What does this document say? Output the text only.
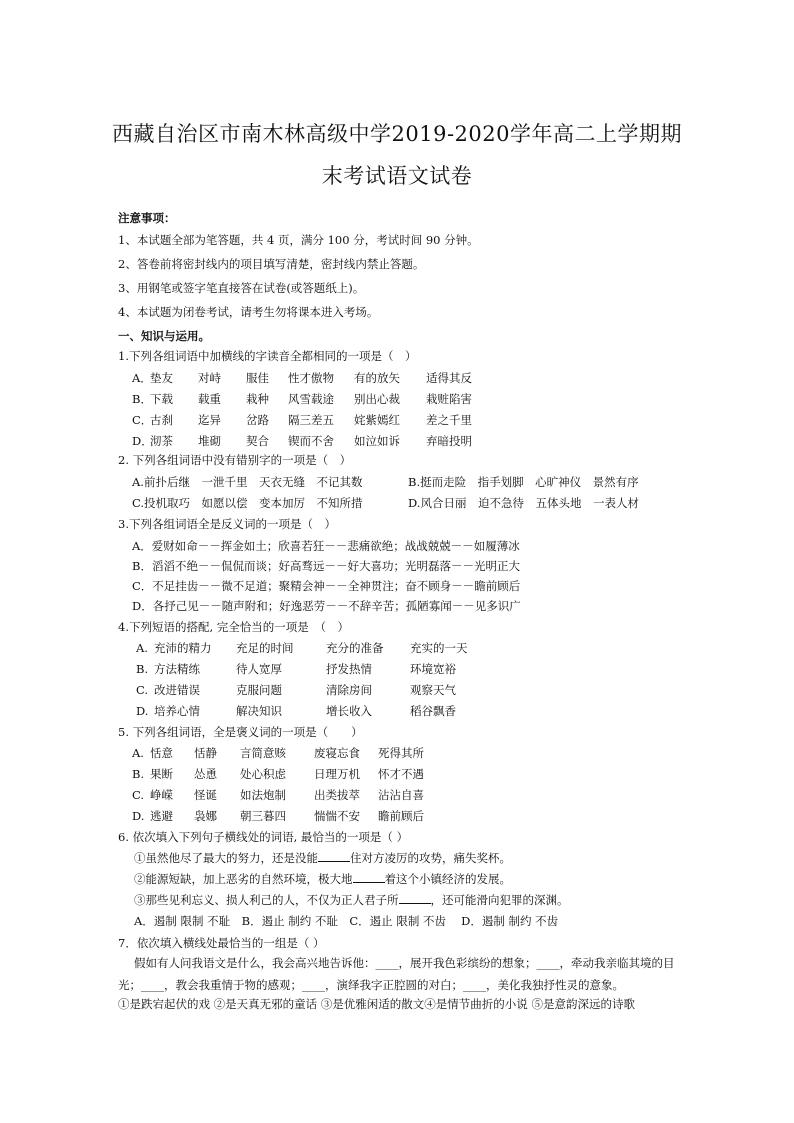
西藏自治区市南木林高级中学2019-2020学年高二上学期期
末考试语文试卷
注意事项：
1、本试题全部为笔答题，共 4 页，满分 100 分，考试时间 90 分钟。
2、答卷前将密封线内的项目填写清楚，密封线内禁止答题。
3、用钢笔或签字笔直接答在试卷(或答题纸上)。
4、本试题为闭卷考试，请考生勿将课本进入考场。
一、知识与运用。
1.下列各组词语中加横线的字读音全都相同的一项是（　）
A．
垫友 对峙 服佳 性才傲物 有的放矢 适得其反
B．
下载 载重 栽种 风雪载途 别出心裁 栽赃陷害
C．
古刹 迄异 岔路 隔三差五 姹紫嫣红 差之千里
D．
沏茶 堆砌 契合 锲而不舍 如泣如诉 弃暗投明
2. 下列各组词语中没有错别字的一项是（　）
A.前扑后继　一泄千里　天衣无缝　不记其数	B.挺而走险　指手划脚　心旷神仪　景然有序
C.投机取巧　如愿以偿　变本加厉　不知所措	D.风合日丽　迫不急待　五体头地　一表人材
3.下列各组词语全是反义词的一项是（　）
A．爱财如命－－挥金如土；欣喜若狂－－悲痛欲绝；战战兢兢－－如履薄冰
B．滔滔不绝－－侃侃而谈；好高骛远－－好大喜功；光明磊落－－光明正大
C．不足挂齿－－微不足道；聚精会神－－全神贯注；奋不顾身－－瞻前顾后
D．各抒己见－－随声附和；好逸恶劳－－不辞辛苦；孤陋寡闻－－见多识广
4.下列短语的搭配, 完全恰当的一项是　（　）
A. 充沛的精力 充足的时间	充分的准备 充实的一天
B. 方法精练	待人宽厚	抒发热情	环境宽裕
C. 改进错误	克服问题	清除房间	观察天气
D. 培养心情	解决知识	增长收入	稻谷飘香
5. 下列各组词语，全是褒义词的一项是（　　）
A. 恬意 恬静 言简意赅 废寝忘食 死得其所
B. 果断 怂恿 处心积虑 日理万机 怀才不遇
C. 峥嵘 怪诞 如法炮制 出类拔萃 沾沾自喜
D. 逃避 袅娜 朝三暮四 惴惴不安 瞻前顾后
6. 依次填入下列句子横线处的词语, 最恰当的一项是（ ）
①虽然他尽了最大的努力，还是没能	住对方凌厉的攻势，痛失奖杯。
②能源短缺，加上恶劣的自然环境，极大地	着这个小镇经济的发展。
③那些见利忘义、损人利己的人，不仅为正人君子所	，还可能滑向犯罪的深渊。
A．遏制 限制 不耻　B．遏止 制约 不耻　C．遏止 限制 不齿　 D．遏制 制约 不齿
7．依次填入横线处最恰当的一组是（ ）
假如有人问我语文是什么，我会高兴地告诉他：____，展开我色彩缤纷的想象；____，牵动我亲临其境的目光；____，教会我重情于物的感观；____，演绎我字正腔圆的对白；____，美化我独抒性灵的意象。
①是跌宕起伏的戏 ②是天真无邪的童话 ③是优雅闲适的散文④是情节曲折的小说 ⑤是意韵深远的诗歌
